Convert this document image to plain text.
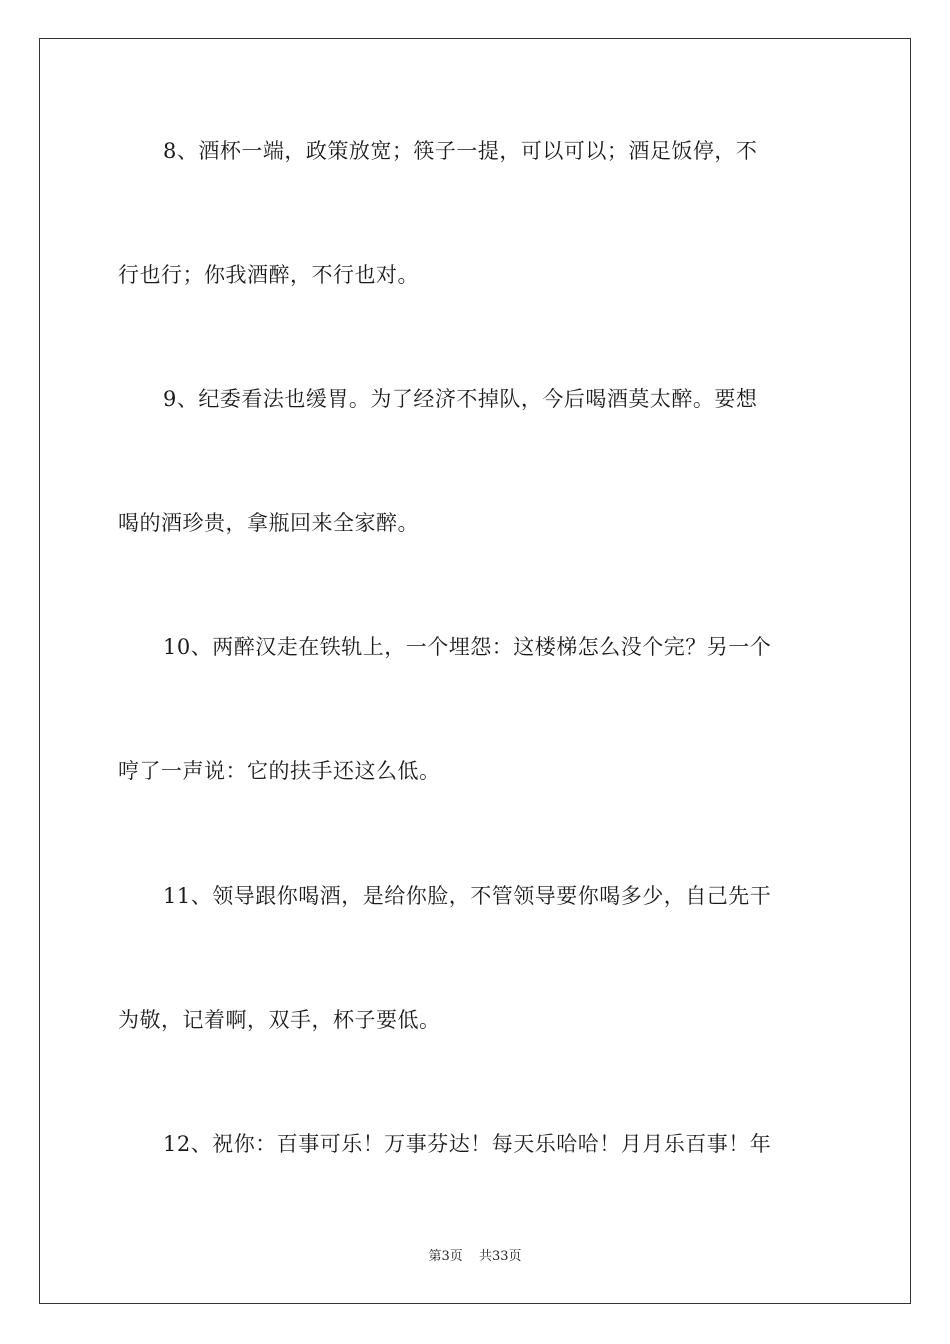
8、酒杯一端，政策放宽；筷子一提，可以可以；酒足饭停，不
行也行；你我酒醉，不行也对。
9、纪委看法也缓胃。为了经济不掉队，今后喝酒莫太醉。要想
喝的酒珍贵，拿瓶回来全家醉。
10、两醉汉走在铁轨上，一个埋怨：这楼梯怎么没个完？另一个
哼了一声说：它的扶手还这么低。
11、领导跟你喝酒，是给你脸，不管领导要你喝多少，自己先干
为敬，记着啊，双手，杯子要低。
12、祝你：百事可乐！万事芬达！每天乐哈哈！月月乐百事！年
第3页 共33页
